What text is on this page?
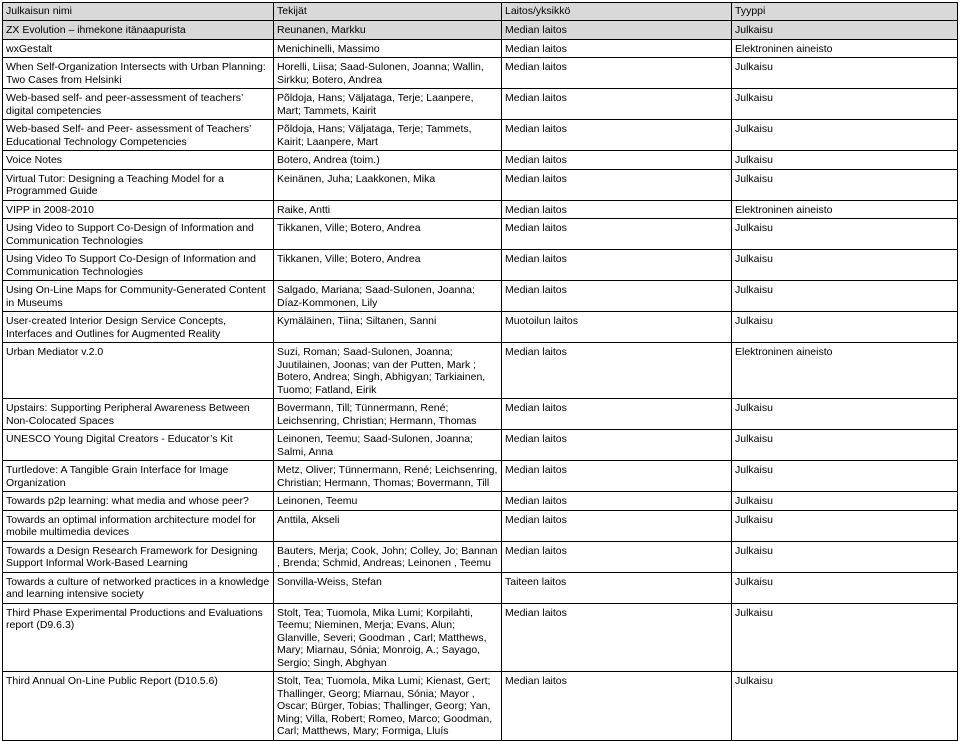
Julkaisun nimi	Tekijät	Laitos/yksikkö	Tyyppi
ZX Evolution – ihmekone itänaapurista	Reunanen, Markku	Median laitos	Julkaisu
wxGestalt	Menichinelli, Massimo	Median laitos	Elektroninen aineisto
When Self-Organization Intersects with Urban Planning: Two Cases from Helsinki	Horelli, Liisa; Saad-Sulonen, Joanna; Wallin, Sirkku; Botero, Andrea	Median laitos	Julkaisu
Web-based self- and peer-assessment of teachers’ digital competencies	Põldoja, Hans; Väljataga, Terje; Laanpere, Mart; Tammets, Kairit	Median laitos	Julkaisu
Web-based Self- and Peer- assessment of Teachers’ Educational Technology Competencies	Põldoja, Hans; Väljataga, Terje; Tammets, Kairit; Laanpere, Mart	Median laitos	Julkaisu
Voice Notes	Botero, Andrea (toim.)	Median laitos	Julkaisu
Virtual Tutor: Designing a Teaching Model for a Programmed Guide	Keinänen, Juha; Laakkonen, Mika	Median laitos	Julkaisu
VIPP in 2008-2010	Raike, Antti	Median laitos	Elektroninen aineisto
Using Video to Support Co-Design of Information and Communication Technologies	Tikkanen, Ville; Botero, Andrea	Median laitos	Julkaisu
Using Video To Support Co-Design of Information and Communication Technologies	Tikkanen, Ville; Botero, Andrea	Median laitos	Julkaisu
Using On-Line Maps for Community-Generated Content in Museums	Salgado, Mariana; Saad-Sulonen, Joanna; Díaz-Kommonen, Lily	Median laitos	Julkaisu
User-created Interior Design Service Concepts, Interfaces and Outlines for Augmented Reality	Kymäläinen, Tiina; Siltanen, Sanni	Muotoilun laitos	Julkaisu
Urban Mediator v.2.0	Suzi, Roman; Saad-Sulonen, Joanna; Juutilainen, Joonas; van der Putten, Mark ; Botero, Andrea; Singh, Abhigyan; Tarkiainen, Tuomo; Fatland, Eirik	Median laitos	Elektroninen aineisto
Upstairs: Supporting Peripheral Awareness Between Non-Colocated Spaces	Bovermann, Till; Tünnermann, René; Leichsenring, Christian; Hermann, Thomas	Median laitos	Julkaisu
UNESCO Young Digital Creators - Educator’s Kit	Leinonen, Teemu; Saad-Sulonen, Joanna; Salmi, Anna	Median laitos	Julkaisu
Turtledove: A Tangible Grain Interface for Image Organization	Metz, Oliver; Tünnermann, René; Leichsenring, Christian; Hermann, Thomas; Bovermann, Till	Median laitos	Julkaisu
Towards p2p learning: what media and whose peer?	Leinonen, Teemu	Median laitos	Julkaisu
Towards an optimal information architecture model for mobile multimedia devices	Anttila, Akseli	Median laitos	Julkaisu
Towards a Design Research Framework for Designing Support Informal Work-Based Learning	Bauters, Merja; Cook, John; Colley, Jo; Bannan , Brenda; Schmid, Andreas; Leinonen , Teemu	Median laitos	Julkaisu
Towards a culture of networked practices in a knowledge and learning intensive society	Sonvilla-Weiss, Stefan	Taiteen laitos	Julkaisu
Third Phase Experimental Productions and Evaluations report (D9.6.3)	Stolt, Tea; Tuomola, Mika Lumi; Korpilahti, Teemu; Nieminen, Merja; Evans, Alun; Glanville, Severi; Goodman , Carl; Matthews, Mary; Miarnau, Sónia; Monroig, A.; Sayago, Sergio; Singh, Abghyan	Median laitos	Julkaisu
Third Annual On-Line Public Report (D10.5.6)	Stolt, Tea; Tuomola, Mika Lumi; Kienast, Gert; Thallinger, Georg; Miarnau, Sónia; Mayor , Oscar; Bürger, Tobias; Thallinger, Georg; Yan, Ming; Villa, Robert; Romeo, Marco; Goodman, Carl; Matthews, Mary; Formiga, Lluís	Median laitos	Julkaisu
